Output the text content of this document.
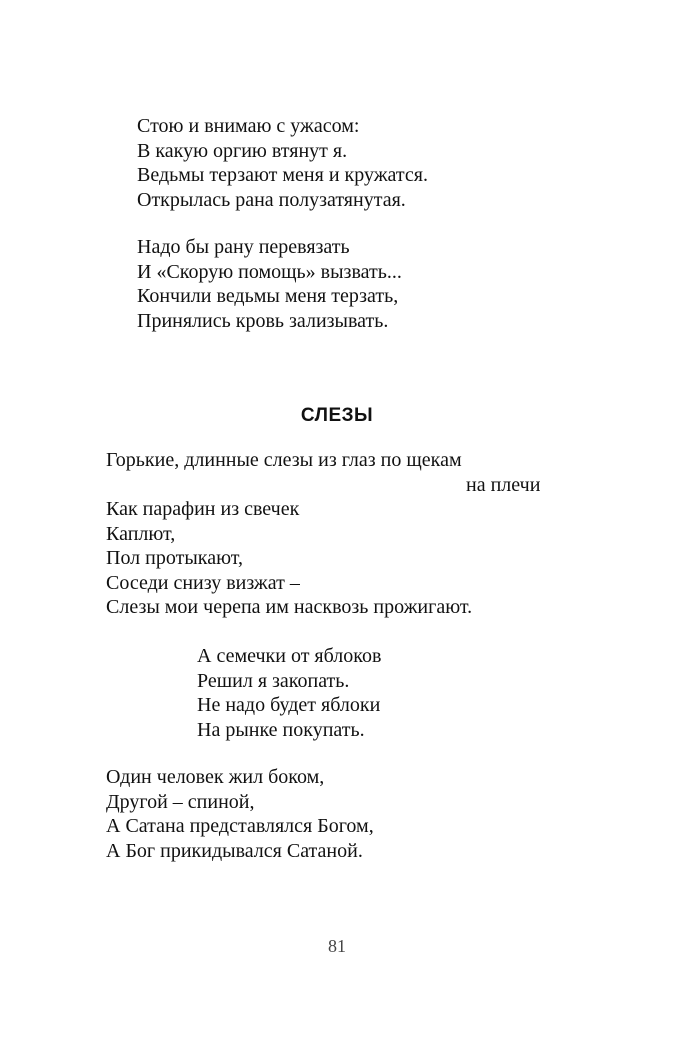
Стою и внимаю с ужасом:
В какую оргию втянут я.
Ведьмы терзают меня и кружатся.
Открылась рана полузатянутая.
Надо бы рану перевязать
И «Скорую помощь» вызвать...
Кончили ведьмы меня терзать,
Принялись кровь зализывать.
СЛЕЗЫ
Горькие, длинные слезы из глаз по щекам
на плечи
Как парафин из свечек
Каплют,
Пол протыкают,
Соседи снизу визжат –
Слезы мои черепа им насквозь прожигают.
А семечки от яблоков
Решил я закопать.
Не надо будет яблоки
На рынке покупать.
Один человек жил боком,
Другой – спиной,
А Сатана представлялся Богом,
А Бог прикидывался Сатаной.

81
